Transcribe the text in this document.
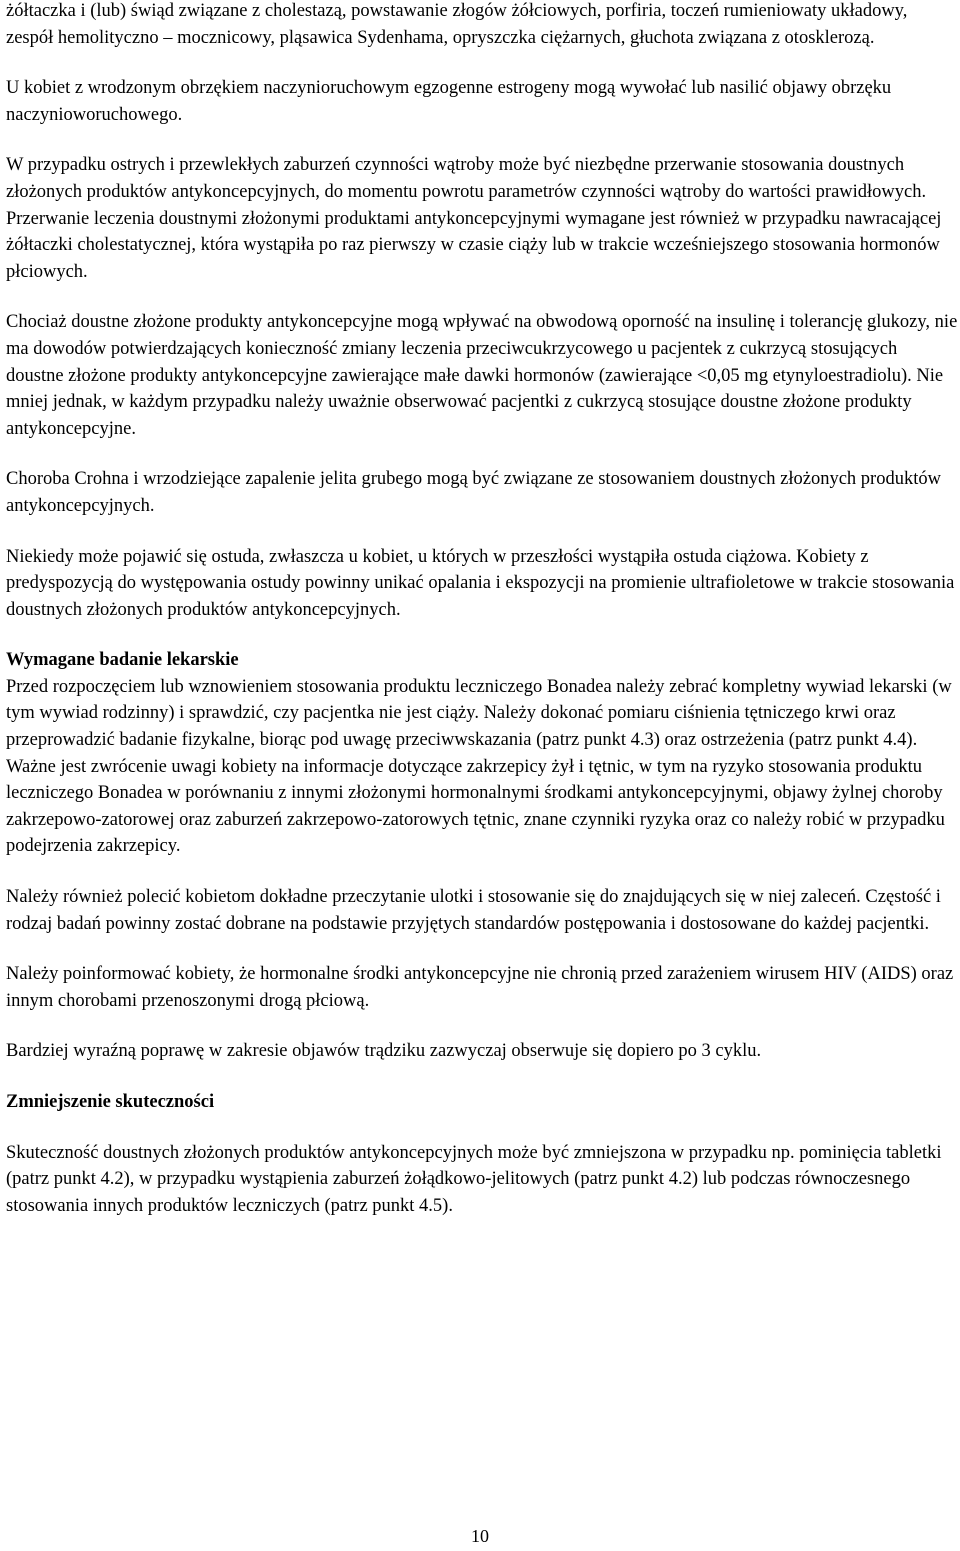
żółtaczka i (lub) świąd związane z cholestazą, powstawanie złogów żółciowych, porfiria, toczeń rumieniowaty układowy, zespół hemolityczno – mocznicowy, pląsawica Sydenhama, opryszczka ciężarnych, głuchota związana z otosklerozą.

U kobiet z wrodzonym obrzękiem naczynioruchowym egzogenne estrogeny mogą wywołać lub nasilić objawy obrzęku naczynioworuchowego.

W przypadku ostrych i przewlekłych zaburzeń czynności wątroby może być niezbędne przerwanie stosowania doustnych złożonych produktów antykoncepcyjnych, do momentu powrotu parametrów czynności wątroby do wartości prawidłowych. Przerwanie leczenia doustnymi złożonymi produktami antykoncepcyjnymi wymagane jest również w przypadku nawracającej żółtaczki cholestatycznej, która wystąpiła po raz pierwszy w czasie ciąży lub w trakcie wcześniejszego stosowania hormonów płciowych.

Chociaż doustne złożone produkty antykoncepcyjne mogą wpływać na obwodową oporność na insulinę i tolerancję glukozy, nie ma dowodów potwierdzających konieczność zmiany leczenia przeciwcukrzycowego u pacjentek z cukrzycą stosujących doustne złożone produkty antykoncepcyjne zawierające małe dawki hormonów (zawierające <0,05 mg etynyloestradiolu). Nie mniej jednak, w każdym przypadku należy uważnie obserwować pacjentki z cukrzycą stosujące doustne złożone produkty antykoncepcyjne.

Choroba Crohna i wrzodziejące zapalenie jelita grubego mogą być związane ze stosowaniem doustnych złożonych produktów antykoncepcyjnych.

Niekiedy może pojawić się ostuda, zwłaszcza u kobiet, u których w przeszłości wystąpiła ostuda ciążowa. Kobiety z predyspozycją do występowania ostudy powinny unikać opalania i ekspozycji na promienie ultrafioletowe w trakcie stosowania doustnych złożonych produktów antykoncepcyjnych.

Wymagane badanie lekarskie

Przed rozpoczęciem lub wznowieniem stosowania produktu leczniczego Bonadea należy zebrać kompletny wywiad lekarski (w tym wywiad rodzinny) i sprawdzić, czy pacjentka nie jest ciąży. Należy dokonać pomiaru ciśnienia tętniczego krwi oraz przeprowadzić badanie fizykalne, biorąc pod uwagę przeciwwskazania (patrz punkt 4.3) oraz ostrzeżenia (patrz punkt 4.4). Ważne jest zwrócenie uwagi kobiety na informacje dotyczące zakrzepicy żył i tętnic, w tym na ryzyko stosowania produktu leczniczego Bonadea w porównaniu z innymi złożonymi hormonalnymi środkami antykoncepcyjnymi, objawy żylnej choroby zakrzepowo-zatorowej oraz zaburzeń zakrzepowo-zatorowych tętnic, znane czynniki ryzyka oraz co należy robić w przypadku podejrzenia zakrzepicy.

Należy również polecić kobietom dokładne przeczytanie ulotki i stosowanie się do znajdujących się w niej zaleceń. Częstość i rodzaj badań powinny zostać dobrane na podstawie przyjętych standardów postępowania i dostosowane do każdej pacjentki.

Należy poinformować kobiety, że hormonalne środki antykoncepcyjne nie chronią przed zarażeniem wirusem HIV (AIDS) oraz innym chorobami przenoszonymi drogą płciową.

Bardziej wyraźną poprawę w zakresie objawów trądziku zazwyczaj obserwuje się dopiero po 3 cyklu.

Zmniejszenie skuteczności

Skuteczność doustnych złożonych produktów antykoncepcyjnych może być zmniejszona w przypadku np. pominięcia tabletki (patrz punkt 4.2), w przypadku wystąpienia zaburzeń żołądkowo-jelitowych (patrz punkt 4.2) lub podczas równoczesnego stosowania innych produktów leczniczych (patrz punkt 4.5).

10
